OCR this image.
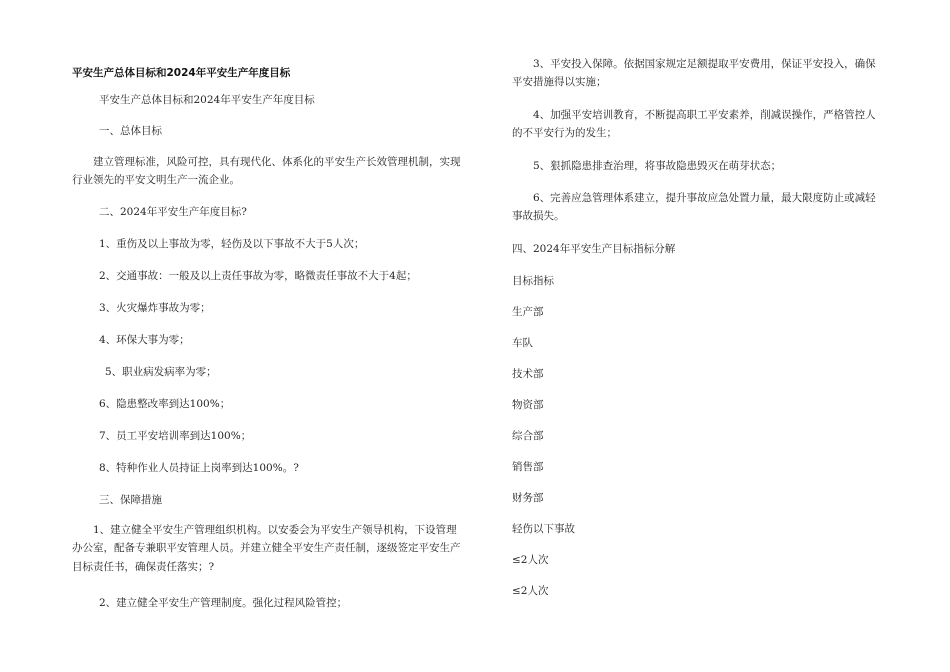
平安生产总体目标和2024年平安生产年度目标

平安生产总体目标和2024年平安生产年度目标

一、总体目标

建立管理标准，风险可控，具有现代化、体系化的平安生产长效管理机制，实现行业领先的平安文明生产一流企业。

二、2024年平安生产年度目标?

1、重伤及以上事故为零，轻伤及以下事故不大于5人次；

2、交通事故：一般及以上责任事故为零，略微责任事故不大于4起；

3、火灾爆炸事故为零；

4、环保大事为零；

5、职业病发病率为零；

6、隐患整改率到达100%；

7、员工平安培训率到达100%；

8、特种作业人员持证上岗率到达100%。?

三、保障措施

1、建立健全平安生产管理组织机构。以安委会为平安生产领导机构，下设管理办公室，配备专兼职平安管理人员。并建立健全平安生产责任制，逐级签定平安生产目标责任书，确保责任落实；?

2、建立健全平安生产管理制度。强化过程风险管控；

3、平安投入保障。依据国家规定足额提取平安费用，保证平安投入，确保平安措施得以实施；

4、加强平安培训教育，不断提高职工平安素养，削减误操作，严格管控人的不平安行为的发生；

5、狠抓隐患排查治理，将事故隐患毁灭在萌芽状态；

6、完善应急管理体系建立，提升事故应急处置力量，最大限度防止或减轻事故损失。

四、2024年平安生产目标指标分解

目标指标

生产部

车队

技术部

物资部

综合部

销售部

财务部

轻伤以下事故

≤2人次

≤2人次
